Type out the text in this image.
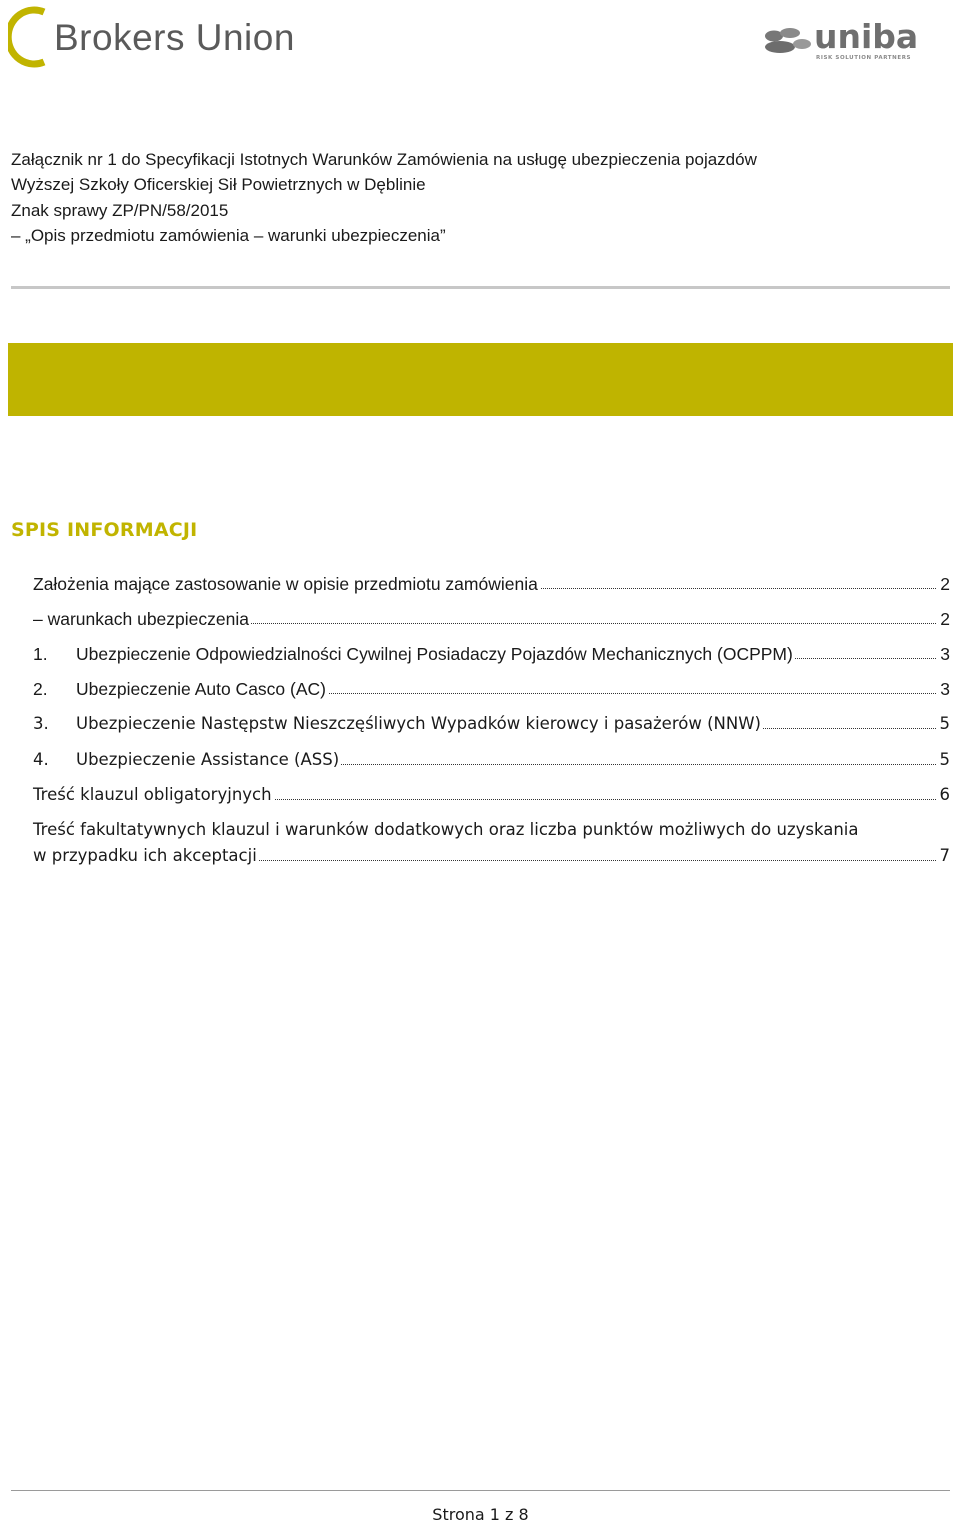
Brokers Union	uniba
RISK SOLUTION PARTNERS
Załącznik nr 1 do Specyfikacji Istotnych Warunków Zamówienia na usługę ubezpieczenia pojazdów
Wyższej Szkoły Oficerskiej Sił Powietrznych w Dęblinie
Znak sprawy ZP/PN/58/2015
– „Opis przedmiotu zamówienia – warunki ubezpieczenia”
SPIS INFORMACJI
Założenia mające zastosowanie w opisie przedmiotu zamówienia	2
– warunkach ubezpieczenia	2
1. Ubezpieczenie Odpowiedzialności Cywilnej Posiadaczy Pojazdów Mechanicznych (OCPPM)	3
2. Ubezpieczenie Auto Casco (AC)	3
3. Ubezpieczenie Następstw Nieszczęśliwych Wypadków kierowcy i pasażerów (NNW)	5
4. Ubezpieczenie Assistance (ASS)	5
Treść klauzul obligatoryjnych	6
Treść fakultatywnych klauzul i warunków dodatkowych oraz liczba punktów możliwych do uzyskania
w przypadku ich akceptacji	7
Strona 1 z 8
